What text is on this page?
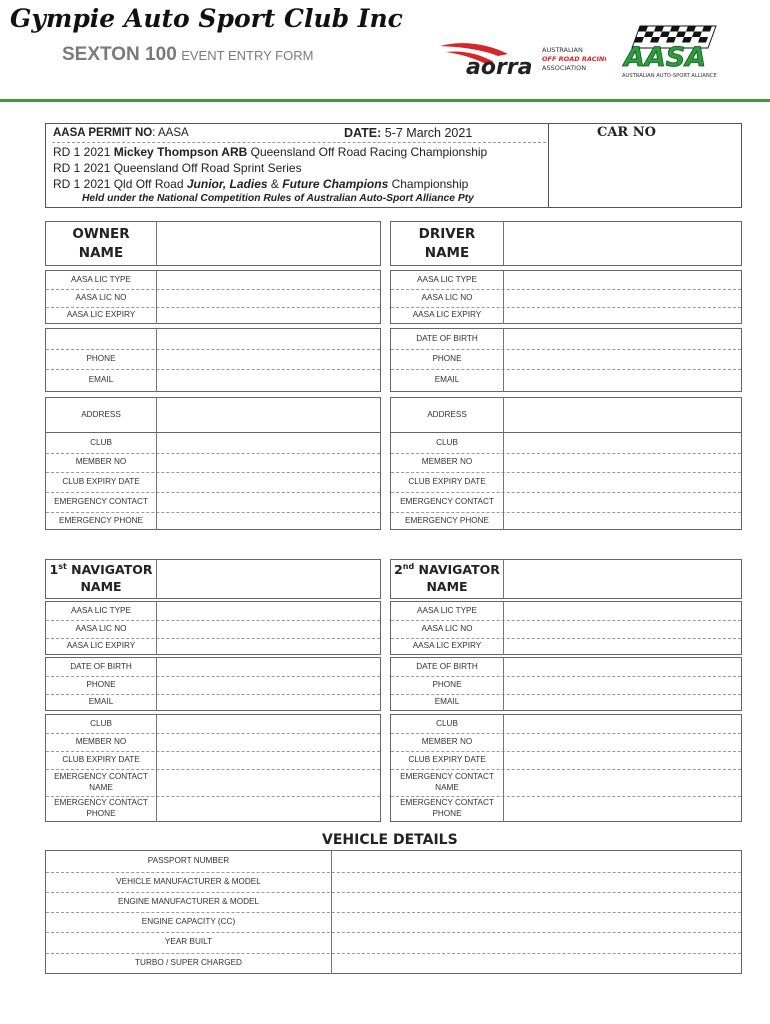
Gympie Auto Sport Club Inc
SEXTON 100 EVENT ENTRY FORM	aorra
AUSTRALIAN
OFF ROAD RACING
ASSOCIATION AASA
AUSTRALIAN AUTO-SPORT ALLIANCE
AASA PERMIT NO: AASA	DATE: 5-7 March 2021
RD 1 2021 Mickey Thompson ARB Queensland Off Road Racing Championship
RD 1 2021 Queensland Off Road Sprint Series
RD 1 2021 Qld Off Road Junior, Ladies & Future Champions Championship
Held under the National Competition Rules of Australian Auto-Sport Alliance Pty
CAR NO
OWNER
NAME
AASA LIC TYPE
AASA LIC NO
AASA LIC EXPIRY
PHONE
EMAIL
ADDRESS
CLUB
MEMBER NO
CLUB EXPIRY DATE
EMERGENCY CONTACT
EMERGENCY PHONE
DRIVER
NAME
AASA LIC TYPE
AASA LIC NO
AASA LIC EXPIRY
DATE OF BIRTH
PHONE
EMAIL
ADDRESS
CLUB
MEMBER NO
CLUB EXPIRY DATE
EMERGENCY CONTACT
EMERGENCY PHONE
1st NAVIGATOR
NAME
AASA LIC TYPE
AASA LIC NO
AASA LIC EXPIRY
DATE OF BIRTH
PHONE
EMAIL
CLUB
MEMBER NO
CLUB EXPIRY DATE
EMERGENCY CONTACT
NAME
EMERGENCY CONTACT
PHONE
2nd NAVIGATOR
NAME
AASA LIC TYPE
AASA LIC NO
AASA LIC EXPIRY
DATE OF BIRTH
PHONE
EMAIL
CLUB
MEMBER NO
CLUB EXPIRY DATE
EMERGENCY CONTACT
NAME
EMERGENCY CONTACT
PHONE
VEHICLE DETAILS
PASSPORT NUMBER
VEHICLE MANUFACTURER & MODEL
ENGINE MANUFACTURER & MODEL
ENGINE CAPACITY (CC)
YEAR BUILT
TURBO / SUPER CHARGED
